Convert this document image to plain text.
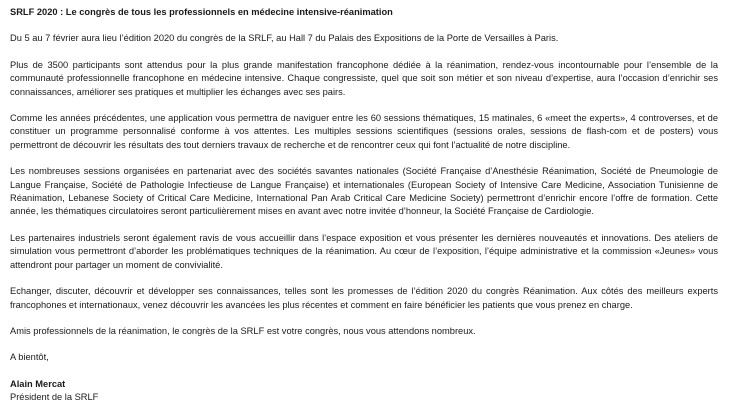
SRLF 2020 : Le congrès de tous les professionnels en médecine intensive-réanimation

Du 5 au 7 février aura lieu l’édition 2020 du congrès de la SRLF, au Hall 7 du Palais des Expositions de la Porte de Versailles à Paris.

Plus de 3500 participants sont attendus pour la plus grande manifestation francophone dédiée à la réanimation, rendez-vous incontournable pour l’ensemble de la communauté professionnelle francophone en médecine intensive. Chaque congressiste, quel que soit son métier et son niveau d’expertise, aura l’occasion d’enrichir ses connaissances, améliorer ses pratiques et multiplier les échanges avec ses pairs.

Comme les années précédentes, une application vous permettra de naviguer entre les 60 sessions thématiques, 15 matinales, 6 «meet the experts», 4 controverses, et de constituer un programme personnalisé conforme à vos attentes. Les multiples sessions scientifiques (sessions orales, sessions de flash-com et de posters) vous permettront de découvrir les résultats des tout derniers travaux de recherche et de rencontrer ceux qui font l’actualité de notre discipline.

Les nombreuses sessions organisées en partenariat avec des sociétés savantes nationales (Société Française d’Anesthésie Réanimation, Société de Pneumologie de Langue Française, Société de Pathologie Infectieuse de Langue Française) et internationales (European Society of Intensive Care Medicine, Association Tunisienne de Réanimation, Lebanese Society of Critical Care Medicine, International Pan Arab Critical Care Medicine Society) permettront d’enrichir encore l’offre de formation. Cette année, les thématiques circulatoires seront particulièrement mises en avant avec notre invitée d’honneur, la Société Française de Cardiologie.

Les partenaires industriels seront également ravis de vous accueillir dans l’espace exposition et vous présenter les dernières nouveautés et innovations. Des ateliers de simulation vous permettront d’aborder les problématiques techniques de la réanimation. Au cœur de l’exposition, l’équipe administrative et la commission «Jeunes» vous attendront pour partager un moment de convivialité.

Echanger, discuter, découvrir et développer ses connaissances, telles sont les promesses de l’édition 2020 du congrès Réanimation. Aux côtés des meilleurs experts francophones et internationaux, venez découvrir les avancées les plus récentes et comment en faire bénéficier les patients que vous prenez en charge.

Amis professionnels de la réanimation, le congrès de la SRLF est votre congrès, nous vous attendons nombreux.

A bientôt,

Alain Mercat
Président de la SRLF
